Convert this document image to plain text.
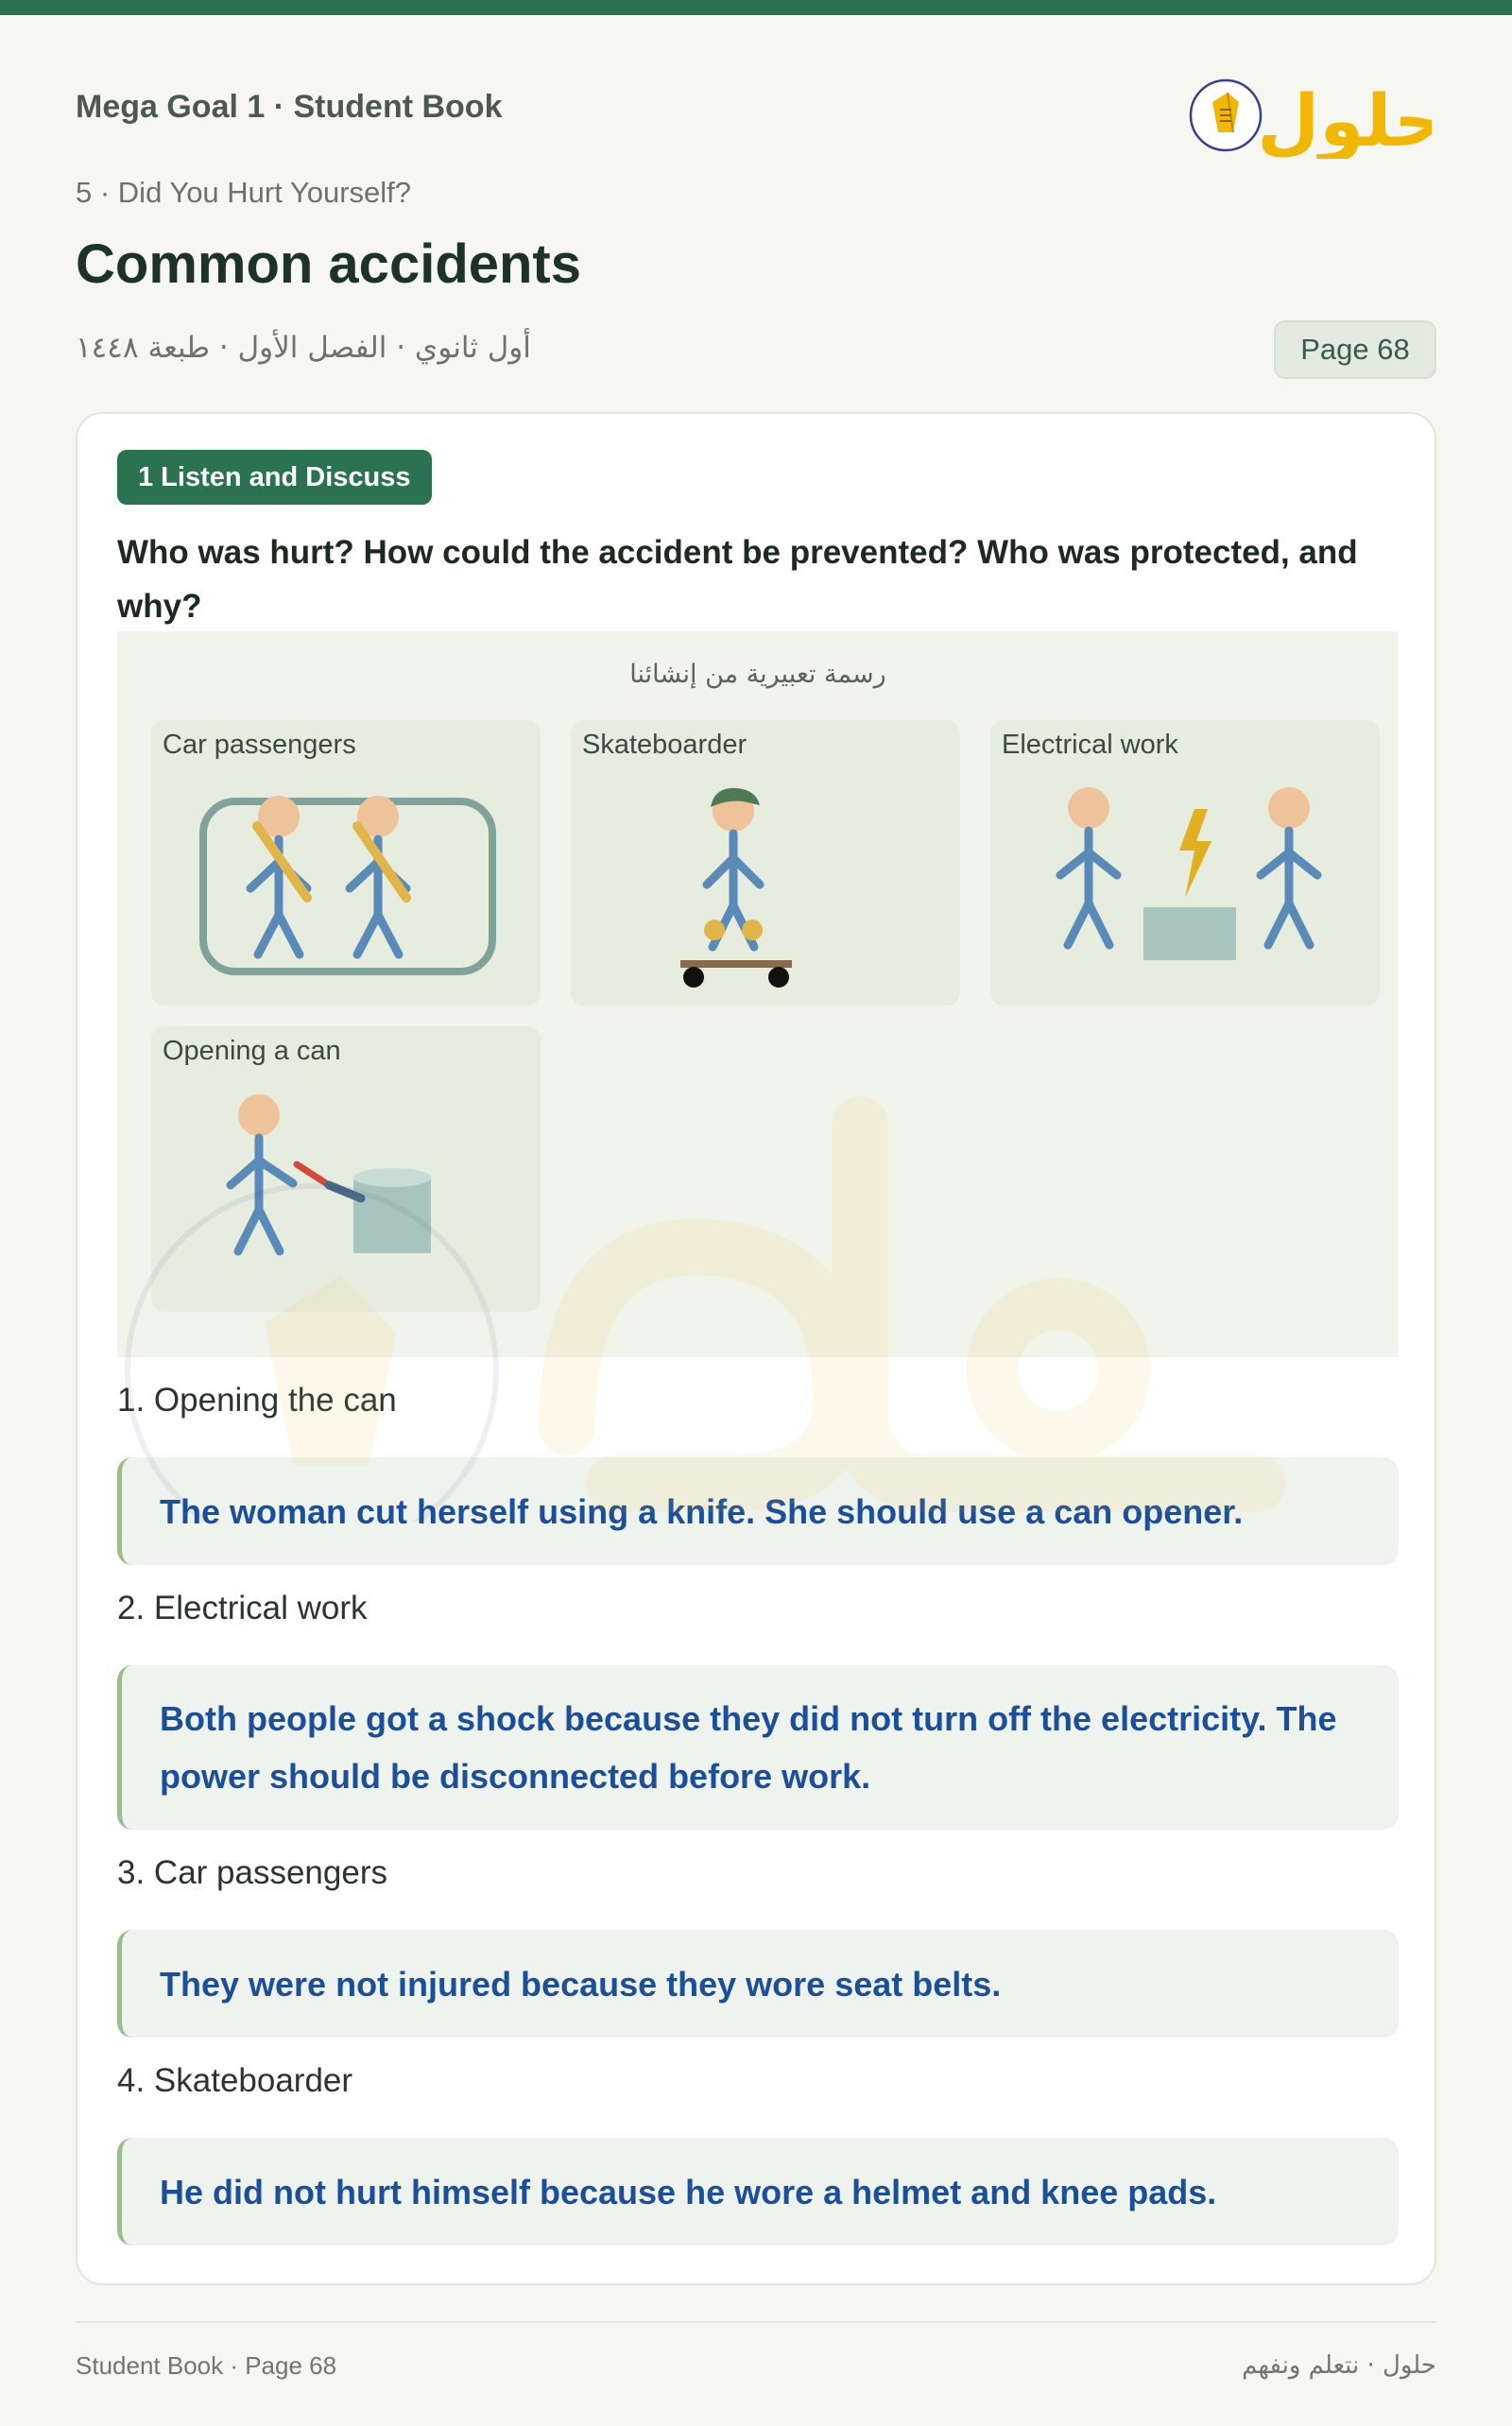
Mega Goal 1 · Student Book
5 · Did You Hurt Yourself?
Common accidents
أول ثانوي · الفصل الأول · طبعة ١٤٤٨	Page 68
حلول
1 Listen and Discuss
Who was hurt? How could the accident be prevented? Who was protected, and why?
رسمة تعبيرية من إنشائنا
Car passengers	Skateboarder	Electrical work
Opening a can
1. Opening the can
The woman cut herself using a knife. She should use a can opener.
2. Electrical work
Both people got a shock because they did not turn off the electricity. The power should be disconnected before work.
3. Car passengers
They were not injured because they wore seat belts.
4. Skateboarder
He did not hurt himself because he wore a helmet and knee pads.
Student Book · Page 68	حلول · نتعلم ونفهم
